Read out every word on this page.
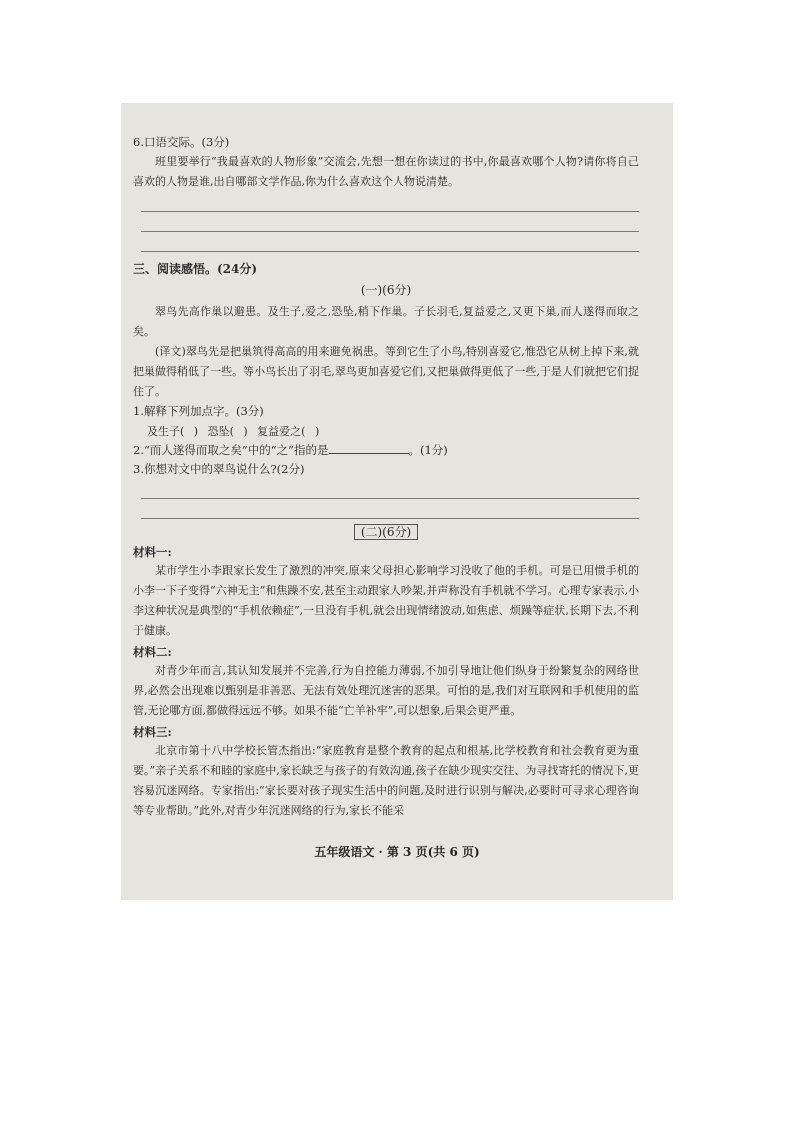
6.口语交际。(3分)

班里要举行“我最喜欢的人物形象”交流会,先想一想在你读过的书中,你最喜欢哪个人物?请你将自己喜欢的人物是谁,出自哪部文学作品,你为什么喜欢这个人物说清楚。

三、阅读感悟。(24分)

(一)(6分)

翠鸟先高作巢以避患。及生子,爱之,恐坠,稍下作巢。子长羽毛,复益爱之,又更下巢,而人遂得而取之矣。

(译文)翠鸟先是把巢筑得高高的用来避免祸患。等到它生了小鸟,特别喜爱它,惟恐它从树上掉下来,就把巢做得稍低了一些。等小鸟长出了羽毛,翠鸟更加喜爱它们,又把巢做得更低了一些,于是人们就把它们捉住了。

1.解释下列加点字。(3分)

及生子( ) 恐坠( ) 复益爱之( )

2.“而人遂得而取之矣”中的“之”指的是	。(1分)

3.你想对文中的翠鸟说什么?(2分)

(二)(6分)

材料一:

某市学生小李跟家长发生了激烈的冲突,原来父母担心影响学习没收了他的手机。可是已用惯手机的小李一下子变得“六神无主”和焦躁不安,甚至主动跟家人吵架,并声称没有手机就不学习。心理专家表示,小李这种状况是典型的“手机依赖症”,一旦没有手机,就会出现情绪波动,如焦虑、烦躁等症状,长期下去,不利于健康。

材料二:

对青少年而言,其认知发展并不完善,行为自控能力薄弱,不加引导地让他们纵身于纷繁复杂的网络世界,必然会出现难以甄别是非善恶、无法有效处理沉迷害的恶果。可怕的是,我们对互联网和手机使用的监管,无论哪方面,都做得远远不够。如果不能“亡羊补牢”,可以想象,后果会更严重。

材料三:

北京市第十八中学校长管杰指出:“家庭教育是整个教育的起点和根基,比学校教育和社会教育更为重要。”亲子关系不和睦的家庭中,家长缺乏与孩子的有效沟通,孩子在缺少现实交往、为寻找寄托的情况下,更容易沉迷网络。专家指出:“家长要对孩子现实生活中的问题,及时进行识别与解决,必要时可寻求心理咨询等专业帮助。”此外,对青少年沉迷网络的行为,家长不能采

五年级语文 · 第 3 页(共 6 页)
